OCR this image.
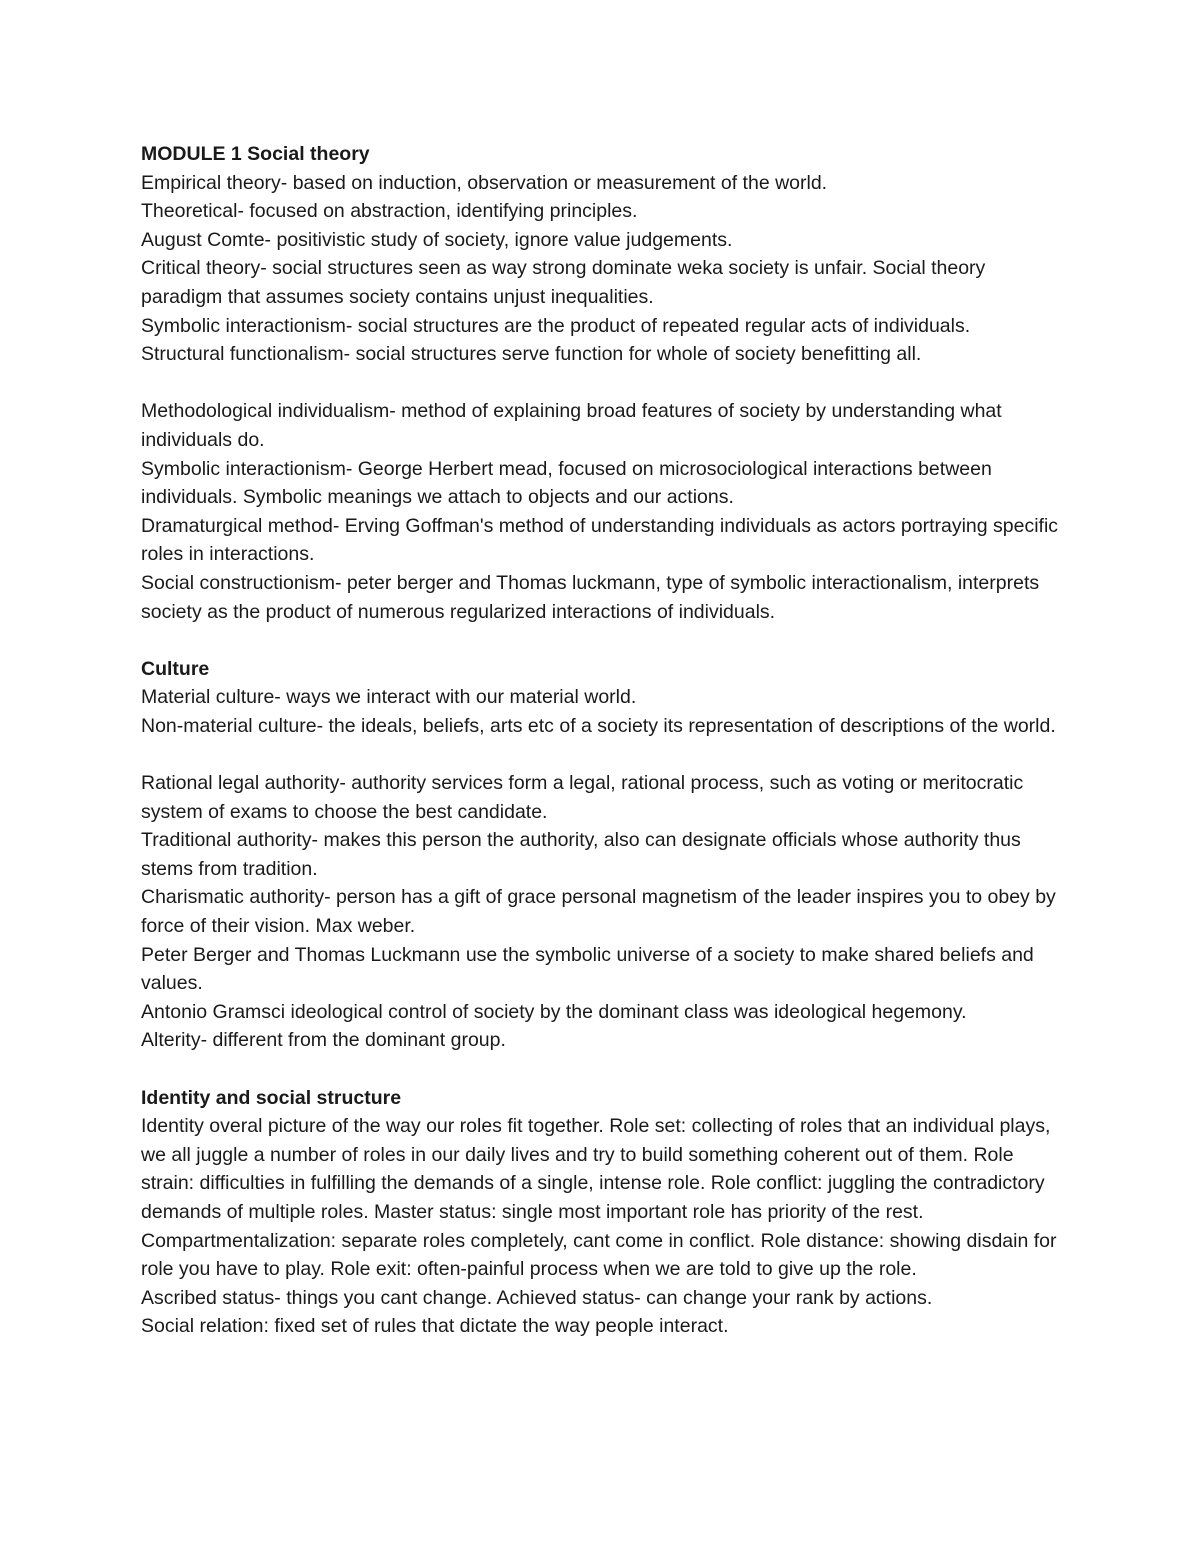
MODULE 1 Social theory

Empirical theory- based on induction, observation or measurement of the world.

Theoretical- focused on abstraction, identifying principles.

August Comte- positivistic study of society, ignore value judgements.

Critical theory- social structures seen as way strong dominate weka society is unfair. Social theory paradigm that assumes society contains unjust inequalities.

Symbolic interactionism- social structures are the product of repeated regular acts of individuals.

Structural functionalism- social structures serve function for whole of society benefitting all.

Methodological individualism- method of explaining broad features of society by understanding what individuals do.

Symbolic interactionism- George Herbert mead, focused on microsociological interactions between individuals. Symbolic meanings we attach to objects and our actions.

Dramaturgical method- Erving Goffman's method of understanding individuals as actors portraying specific roles in interactions.

Social constructionism- peter berger and Thomas luckmann, type of symbolic interactionalism, interprets society as the product of numerous regularized interactions of individuals.

Culture

Material culture- ways we interact with our material world.

Non-material culture- the ideals, beliefs, arts etc of a society its representation of descriptions of the world.

Rational legal authority- authority services form a legal, rational process, such as voting or meritocratic system of exams to choose the best candidate.

Traditional authority- makes this person the authority, also can designate officials whose authority thus stems from tradition.

Charismatic authority- person has a gift of grace personal magnetism of the leader inspires you to obey by force of their vision. Max weber.

Peter Berger and Thomas Luckmann use the symbolic universe of a society to make shared beliefs and values.

Antonio Gramsci ideological control of society by the dominant class was ideological hegemony.

Alterity- different from the dominant group.

Identity and social structure

Identity overal picture of the way our roles fit together. Role set: collecting of roles that an individual plays, we all juggle a number of roles in our daily lives and try to build something coherent out of them. Role strain: difficulties in fulfilling the demands of a single, intense role. Role conflict: juggling the contradictory demands of multiple roles. Master status: single most important role has priority of the rest. Compartmentalization: separate roles completely, cant come in conflict. Role distance: showing disdain for role you have to play. Role exit: often-painful process when we are told to give up the role.

Ascribed status- things you cant change. Achieved status- can change your rank by actions.

Social relation: fixed set of rules that dictate the way people interact.
